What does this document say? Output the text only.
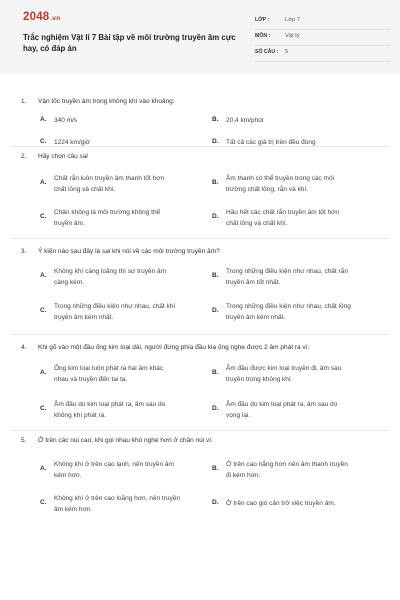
2048.vn
Trắc nghiệm Vật lí 7 Bài tập về môi trường truyền âm cực hay, có đáp án
LỚP :	Lớp 7
MÔN :	Vật lý
SỐ CÂU : 5
1. Vận tốc truyền âm trong không khí vào khoảng:
A. 340 m/s	B. 20,4 km/phút
C. 1224 km/giờ	D. Tất cả các giá trị trên đều đúng
2. Hãy chọn câu sai
A.
Chất rắn luôn truyền âm thanh tốt hơn
chất lỏng và chất khí.
B.
Âm thanh có thể truyền trong các môi
trường chất lỏng, rắn và khí.
C.
Chân không là môi trường không thể
truyền âm.
D.
Hầu hết các chất rắn truyền âm tốt hơn
chất lỏng và chất khí.
3. Ý kiến nào sau đây là sai khi nói về các môi trường truyền âm?
A.
Không khí càng loãng thì sự truyền âm
càng kém.
B.
Trong những điều kiện như nhau, chất rắn
truyền âm tốt nhất.
C.
Trong những điều kiện như nhau, chất khí
truyền âm kém nhất.
D.
Trong những điều kiện như nhau, chất lỏng
truyền âm kém nhất.
4. Khi gõ vào một đầu ống kim loại dài, người đứng phía đầu kia ống nghe được 2 âm phát ra vì:
A.
Ống kim loại luôn phát ra hai âm khác
nhau và truyền đến tai ta.
B.
Âm đầu được kim loại truyền đi, âm sau
truyền trong không khí.
C.
Âm đầu do kim loại phát ra, âm sau do
không khí phát ra.
D.
Âm đầu do kim loại phát ra, âm sau do
vọng lại.
5. Ở trên các núi cao, khi gọi nhau khó nghe hơn ở chân núi vì:
A.
Không khí ở trên cao lạnh, nên truyền âm
kém hơn.
B.
Ở trên cao nắng hơn nên âm thanh truyền
đi kém hơn.
C.
Không khí ở trên cao loãng hơn, nên truyền
âm kém hơn.
D. Ở trên cao gió cản trở việc truyền âm.
